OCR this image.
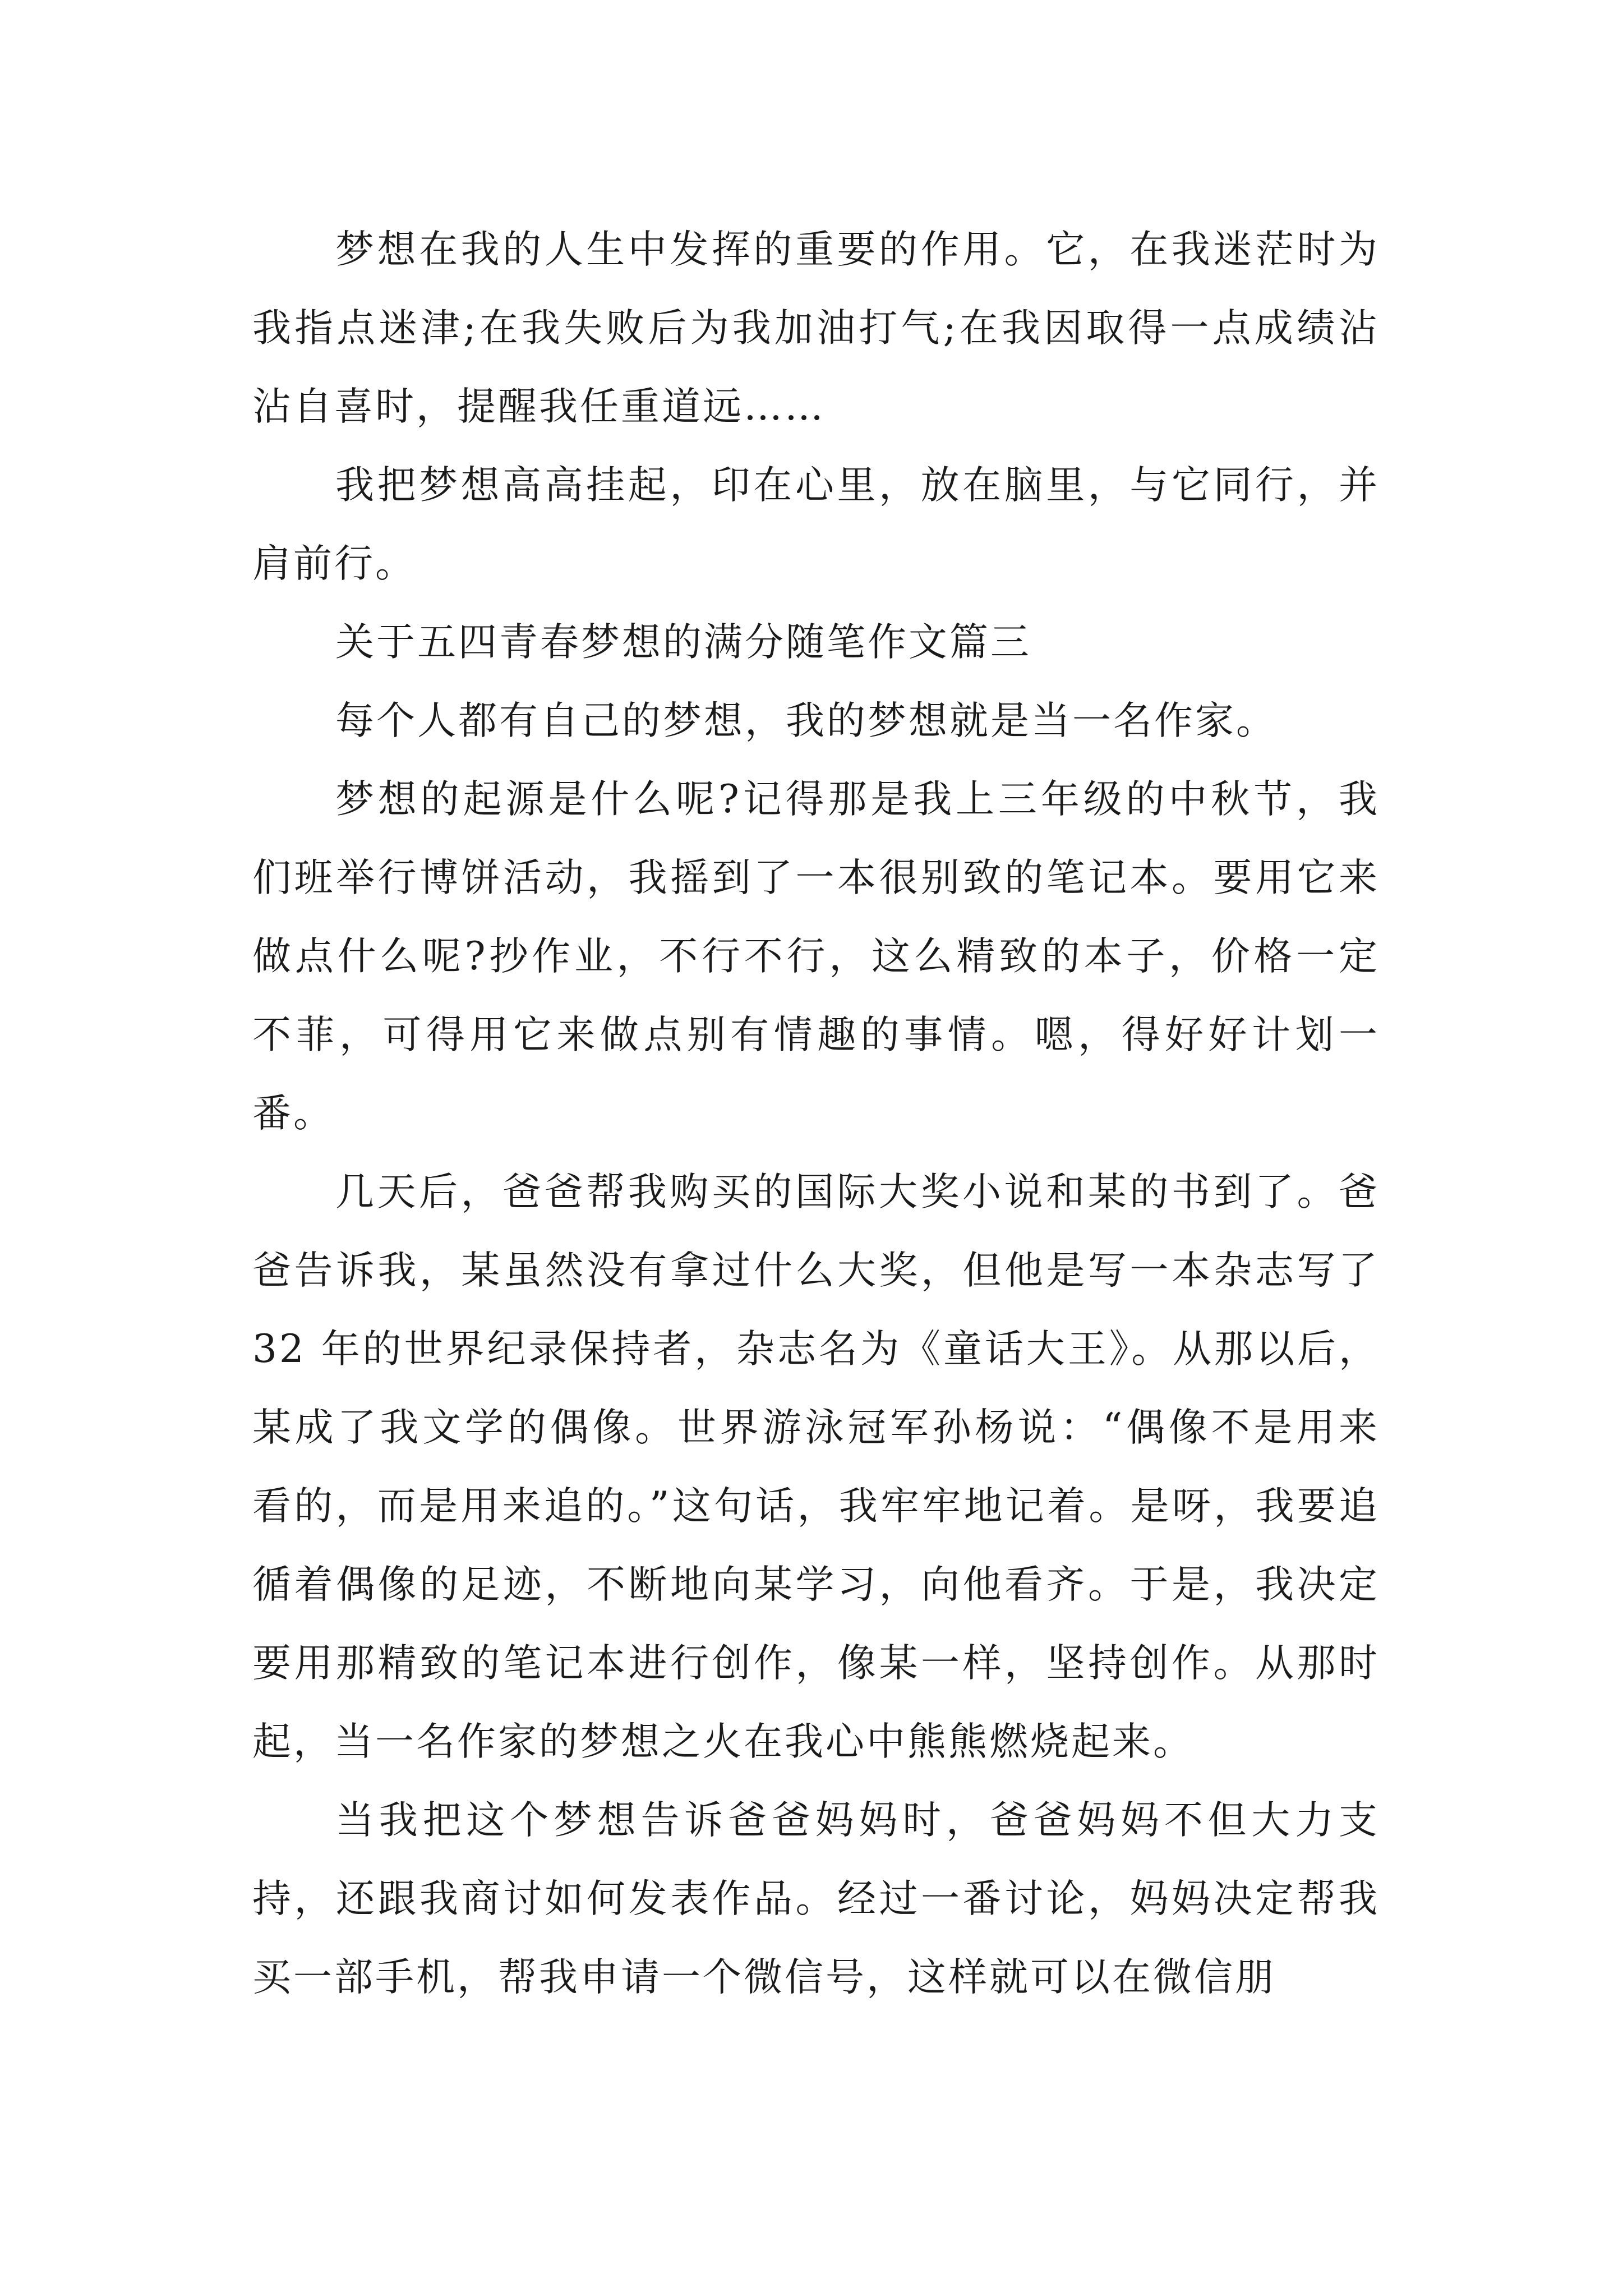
梦想在我的人生中发挥的重要的作用。它，在我迷茫时为我指点迷津;在我失败后为我加油打气;在我因取得一点成绩沾沾自喜时，提醒我任重道远……

我把梦想高高挂起，印在心里，放在脑里，与它同行，并肩前行。

关于五四青春梦想的满分随笔作文篇三

每个人都有自己的梦想，我的梦想就是当一名作家。

梦想的起源是什么呢?记得那是我上三年级的中秋节，我们班举行博饼活动，我摇到了一本很别致的笔记本。要用它来做点什么呢?抄作业，不行不行，这么精致的本子，价格一定不菲，可得用它来做点别有情趣的事情。嗯，得好好计划一番。

几天后，爸爸帮我购买的国际大奖小说和某的书到了。爸爸告诉我，某虽然没有拿过什么大奖，但他是写一本杂志写了 32 年的世界纪录保持者，杂志名为《童话大王》。从那以后，某成了我文学的偶像。世界游泳冠军孙杨说：“偶像不是用来看的，而是用来追的。”这句话，我牢牢地记着。是呀，我要追循着偶像的足迹，不断地向某学习，向他看齐。于是，我决定要用那精致的笔记本进行创作，像某一样，坚持创作。从那时起，当一名作家的梦想之火在我心中熊熊燃烧起来。

当我把这个梦想告诉爸爸妈妈时，爸爸妈妈不但大力支持，还跟我商讨如何发表作品。经过一番讨论，妈妈决定帮我买一部手机，帮我申请一个微信号，这样就可以在微信朋
